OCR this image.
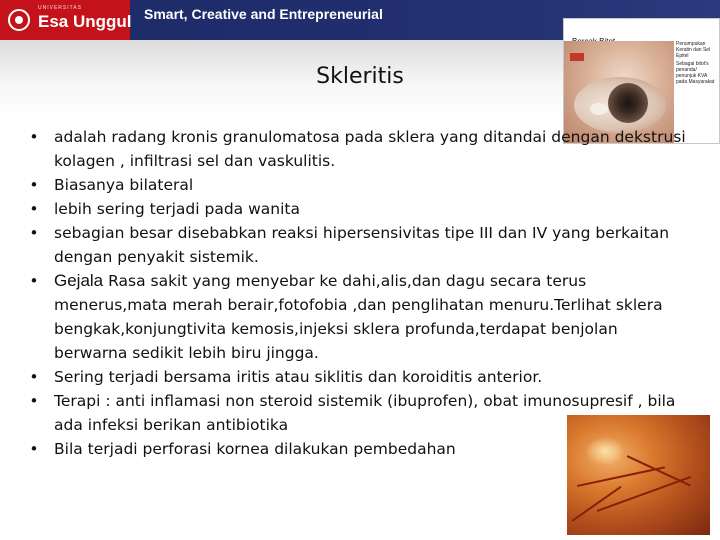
UNIVERSITAS
Esa Unggul Smart, Creative and Entrepreneurial
Skleritis
Penumpukan Keratin dan Sel Epitel
Sebagai bitot's penanda/ penunjuk KVA pada Masyarakat
• adalah radang kronis granulomatosa pada sklera yang ditandai dengan dekstrusi kolagen , infiltrasi sel dan vaskulitis.
• Biasanya bilateral
• lebih sering terjadi pada wanita
• sebagian besar disebabkan reaksi hipersensivitas tipe III dan IV yang berkaitan dengan penyakit sistemik.
• Gejala Rasa sakit yang menyebar ke dahi,alis,dan dagu secara terus menerus,mata merah berair,fotofobia ,dan penglihatan menuru.Terlihat sklera bengkak,konjungtivita kemosis,injeksi sklera profunda,terdapat benjolan berwarna sedikit lebih biru jingga.
• Sering terjadi bersama iritis atau siklitis dan koroiditis anterior.
• Terapi : anti inflamasi non steroid sistemik (ibuprofen), obat imunosupresif , bila ada infeksi berikan antibiotika
• Bila terjadi perforasi kornea dilakukan pembedahan
